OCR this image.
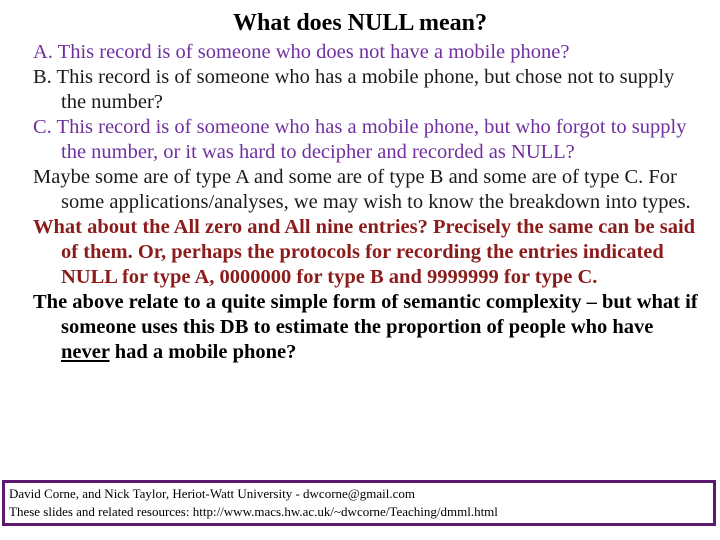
What does NULL mean?

A. This record is of someone who does not have a mobile phone?

B. This record is of someone who has a mobile phone, but chose not to supply the number?

C. This record is of someone who has a mobile phone, but who forgot to supply the number, or it was hard to decipher and recorded as NULL?

Maybe some are of type A and some are of type B and some are of type C. For some applications/analyses, we may wish to know the breakdown into types.

What about the All zero and All nine entries? Precisely the same can be said of them. Or, perhaps the protocols for recording the entries indicated NULL for type A, 0000000 for type B and 9999999 for type C.

The above relate to a quite simple form of semantic complexity – but what if someone uses this DB to estimate the proportion of people who have never had a mobile phone?

David Corne, and Nick Taylor, Heriot-Watt University - dwcorne@gmail.com
These slides and related resources: http://www.macs.hw.ac.uk/~dwcorne/Teaching/dmml.html
